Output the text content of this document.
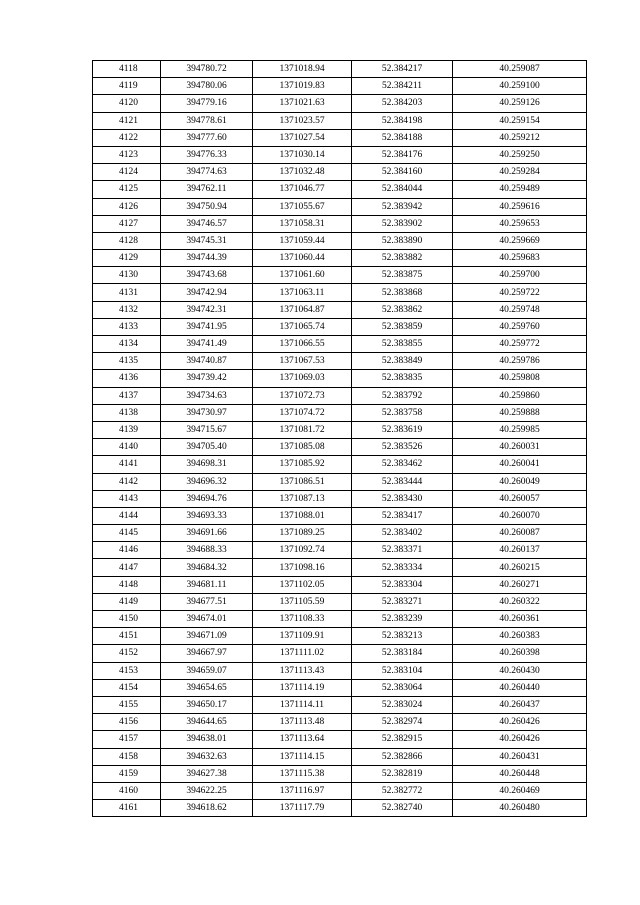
4118	394780.72	1371018.94	52.384217	40.259087
4119	394780.06	1371019.83	52.384211	40.259100
4120	394779.16	1371021.63	52.384203	40.259126
4121	394778.61	1371023.57	52.384198	40.259154
4122	394777.60	1371027.54	52.384188	40.259212
4123	394776.33	1371030.14	52.384176	40.259250
4124	394774.63	1371032.48	52.384160	40.259284
4125	394762.11	1371046.77	52.384044	40.259489
4126	394750.94	1371055.67	52.383942	40.259616
4127	394746.57	1371058.31	52.383902	40.259653
4128	394745.31	1371059.44	52.383890	40.259669
4129	394744.39	1371060.44	52.383882	40.259683
4130	394743.68	1371061.60	52.383875	40.259700
4131	394742.94	1371063.11	52.383868	40.259722
4132	394742.31	1371064.87	52.383862	40.259748
4133	394741.95	1371065.74	52.383859	40.259760
4134	394741.49	1371066.55	52.383855	40.259772
4135	394740.87	1371067.53	52.383849	40.259786
4136	394739.42	1371069.03	52.383835	40.259808
4137	394734.63	1371072.73	52.383792	40.259860
4138	394730.97	1371074.72	52.383758	40.259888
4139	394715.67	1371081.72	52.383619	40.259985
4140	394705.40	1371085.08	52.383526	40.260031
4141	394698.31	1371085.92	52.383462	40.260041
4142	394696.32	1371086.51	52.383444	40.260049
4143	394694.76	1371087.13	52.383430	40.260057
4144	394693.33	1371088.01	52.383417	40.260070
4145	394691.66	1371089.25	52.383402	40.260087
4146	394688.33	1371092.74	52.383371	40.260137
4147	394684.32	1371098.16	52.383334	40.260215
4148	394681.11	1371102.05	52.383304	40.260271
4149	394677.51	1371105.59	52.383271	40.260322
4150	394674.01	1371108.33	52.383239	40.260361
4151	394671.09	1371109.91	52.383213	40.260383
4152	394667.97	1371111.02	52.383184	40.260398
4153	394659.07	1371113.43	52.383104	40.260430
4154	394654.65	1371114.19	52.383064	40.260440
4155	394650.17	1371114.11	52.383024	40.260437
4156	394644.65	1371113.48	52.382974	40.260426
4157	394638.01	1371113.64	52.382915	40.260426
4158	394632.63	1371114.15	52.382866	40.260431
4159	394627.38	1371115.38	52.382819	40.260448
4160	394622.25	1371116.97	52.382772	40.260469
4161	394618.62	1371117.79	52.382740	40.260480
